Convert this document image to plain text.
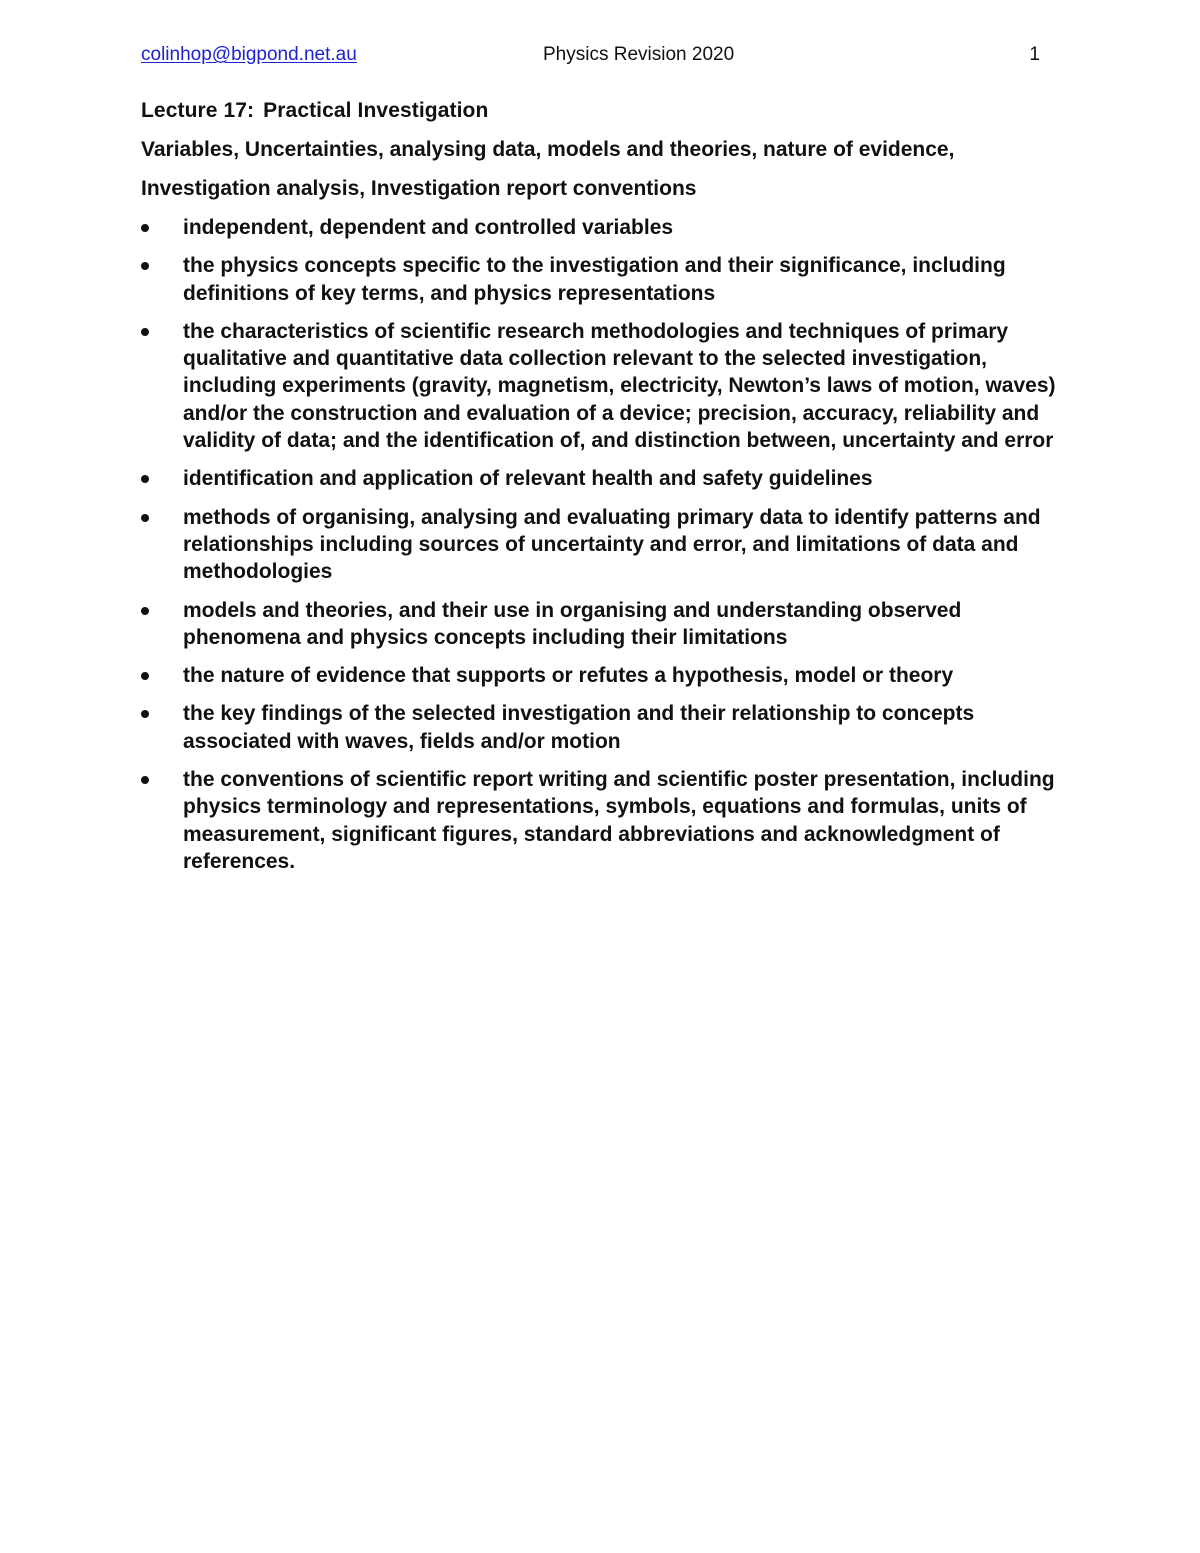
colinhop@bigpond.net.au	Physics Revision 2020	1

Lecture 17: Practical Investigation

Variables, Uncertainties, analysing data, models and theories, nature of evidence,

Investigation analysis, Investigation report conventions

independent, dependent and controlled variables
the physics concepts specific to the investigation and their significance, including definitions of key terms, and physics representations
the characteristics of scientific research methodologies and techniques of primary qualitative and quantitative data collection relevant to the selected investigation, including experiments (gravity, magnetism, electricity, Newton’s laws of motion, waves) and/or the construction and evaluation of a device; precision, accuracy, reliability and validity of data; and the identification of, and distinction between, uncertainty and error
identification and application of relevant health and safety guidelines
methods of organising, analysing and evaluating primary data to identify patterns and relationships including sources of uncertainty and error, and limitations of data and methodologies
models and theories, and their use in organising and understanding observed phenomena and physics concepts including their limitations
the nature of evidence that supports or refutes a hypothesis, model or theory
the key findings of the selected investigation and their relationship to concepts associated with waves, fields and/or motion
the conventions of scientific report writing and scientific poster presentation, including physics terminology and representations, symbols, equations and formulas, units of measurement, significant figures, standard abbreviations and acknowledgment of references.
